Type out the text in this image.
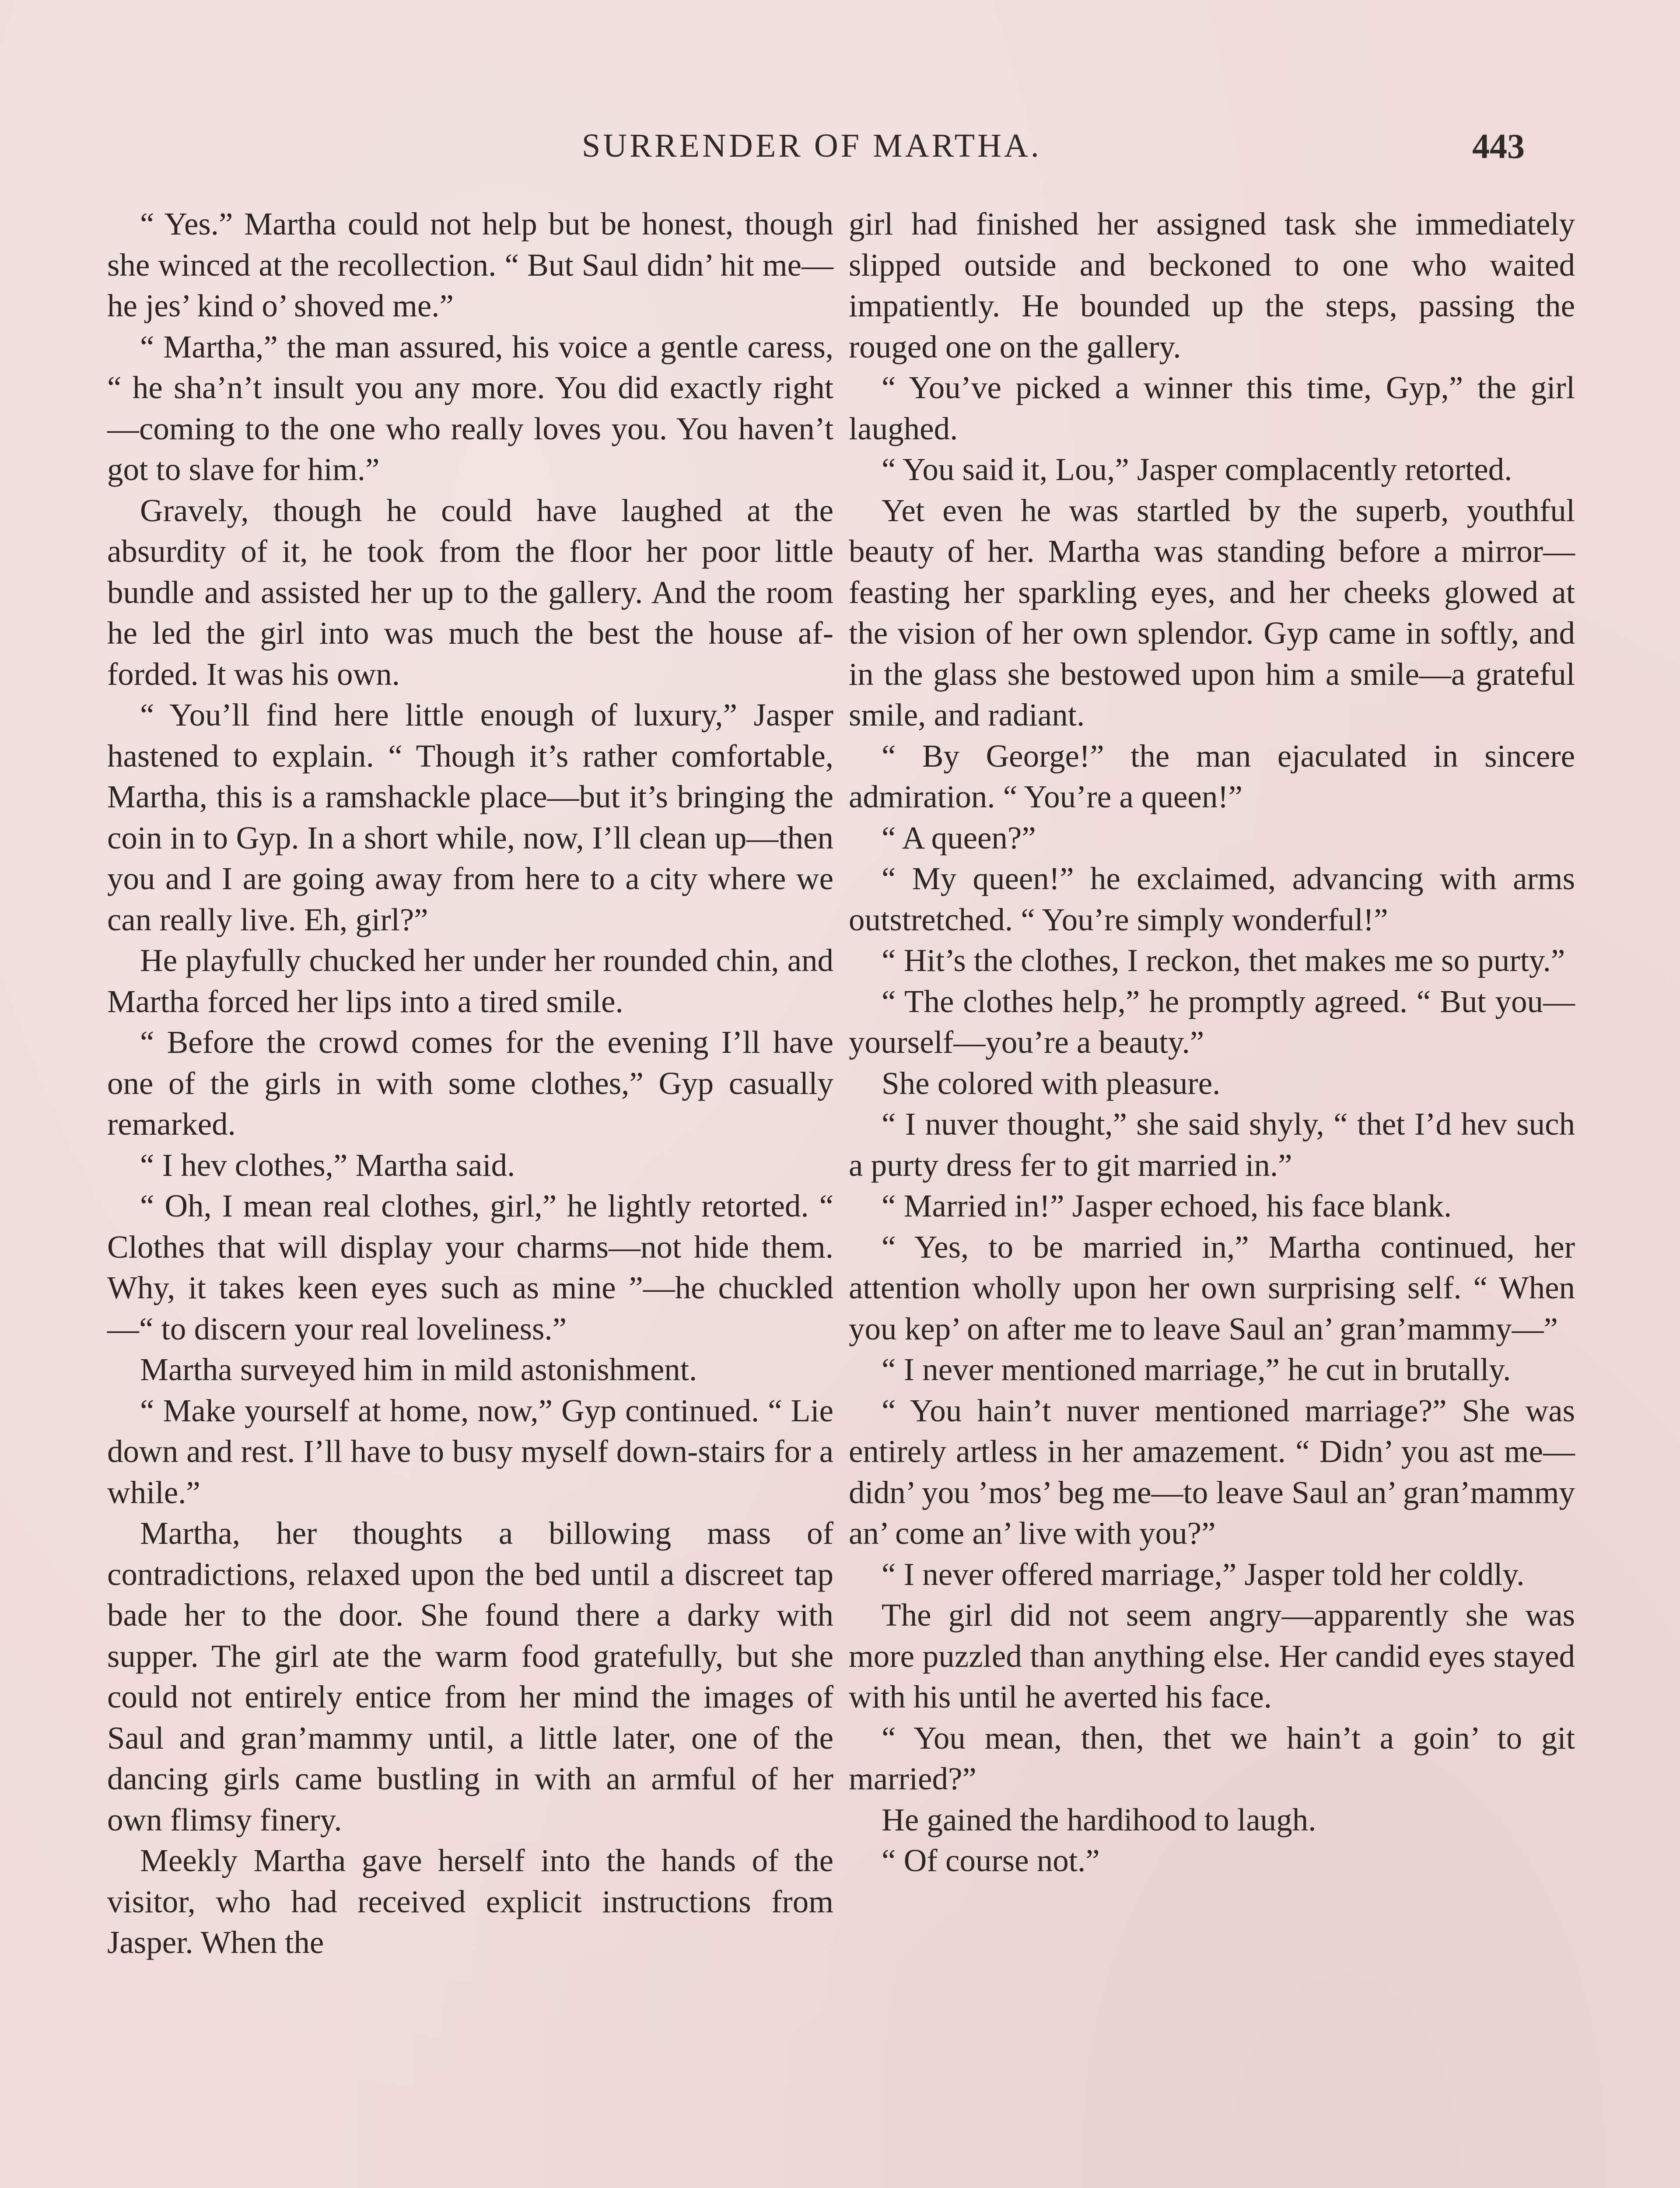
SURRENDER OF MARTHA.	443

“ Yes.” Martha could not help but be honest, though she winced at the recollection. “ But Saul didn’ hit me—he jes’ kind o’ shoved me.”

“ Martha,” the man assured, his voice a gentle caress, “ he sha’n’t insult you any more. You did exactly right—coming to the one who really loves you. You haven’t got to slave for him.”

Gravely, though he could have laughed at the absurdity of it, he took from the floor her poor little bundle and assisted her up to the gallery. And the room he led the girl into was much the best the house afforded. It was his own.

“ You’ll find here little enough of luxury,” Jasper hastened to explain. “ Though it’s rather comfortable, Martha, this is a ramshackle place—but it’s bringing the coin in to Gyp. In a short while, now, I’ll clean up—then you and I are going away from here to a city where we can really live. Eh, girl?”

He playfully chucked her under her rounded chin, and Martha forced her lips into a tired smile.

“ Before the crowd comes for the evening I’ll have one of the girls in with some clothes,” Gyp casually remarked.

“ I hev clothes,” Martha said.

“ Oh, I mean real clothes, girl,” he lightly retorted. “ Clothes that will display your charms—not hide them. Why, it takes keen eyes such as mine ”—he chuckled—“ to discern your real loveliness.”

Martha surveyed him in mild astonishment.

“ Make yourself at home, now,” Gyp continued. “ Lie down and rest. I’ll have to busy myself down-stairs for a while.”

Martha, her thoughts a billowing mass of contradictions, relaxed upon the bed until a discreet tap bade her to the door. She found there a darky with supper. The girl ate the warm food gratefully, but she could not entirely entice from her mind the images of Saul and gran’mammy until, a little later, one of the dancing girls came bustling in with an armful of her own flimsy finery.

Meekly Martha gave herself into the hands of the visitor, who had received explicit instructions from Jasper. When the

girl had finished her assigned task she immediately slipped outside and beckoned to one who waited impatiently. He bounded up the steps, passing the rouged one on the gallery.

“ You’ve picked a winner this time, Gyp,” the girl laughed.

“ You said it, Lou,” Jasper complacently retorted.

Yet even he was startled by the superb, youthful beauty of her. Martha was standing before a mirror—feasting her sparkling eyes, and her cheeks glowed at the vision of her own splendor. Gyp came in softly, and in the glass she bestowed upon him a smile—a grateful smile, and radiant.

“ By George!” the man ejaculated in sincere admiration. “ You’re a queen!”

“ A queen?”

“ My queen!” he exclaimed, advancing with arms outstretched. “ You’re simply wonderful!”

“ Hit’s the clothes, I reckon, thet makes me so purty.”

“ The clothes help,” he promptly agreed. “ But you—yourself—you’re a beauty.”

She colored with pleasure.

“ I nuver thought,” she said shyly, “ thet I’d hev such a purty dress fer to git married in.”

“ Married in!” Jasper echoed, his face blank.

“ Yes, to be married in,” Martha continued, her attention wholly upon her own surprising self. “ When you kep’ on after me to leave Saul an’ gran’mammy—”

“ I never mentioned marriage,” he cut in brutally.

“ You hain’t nuver mentioned marriage?” She was entirely artless in her amazement. “ Didn’ you ast me—didn’ you ’mos’ beg me—to leave Saul an’ gran’mammy an’ come an’ live with you?”

“ I never offered marriage,” Jasper told her coldly.

The girl did not seem angry—apparently she was more puzzled than anything else. Her candid eyes stayed with his until he averted his face.

“ You mean, then, thet we hain’t a goin’ to git married?”

He gained the hardihood to laugh.

“ Of course not.”
